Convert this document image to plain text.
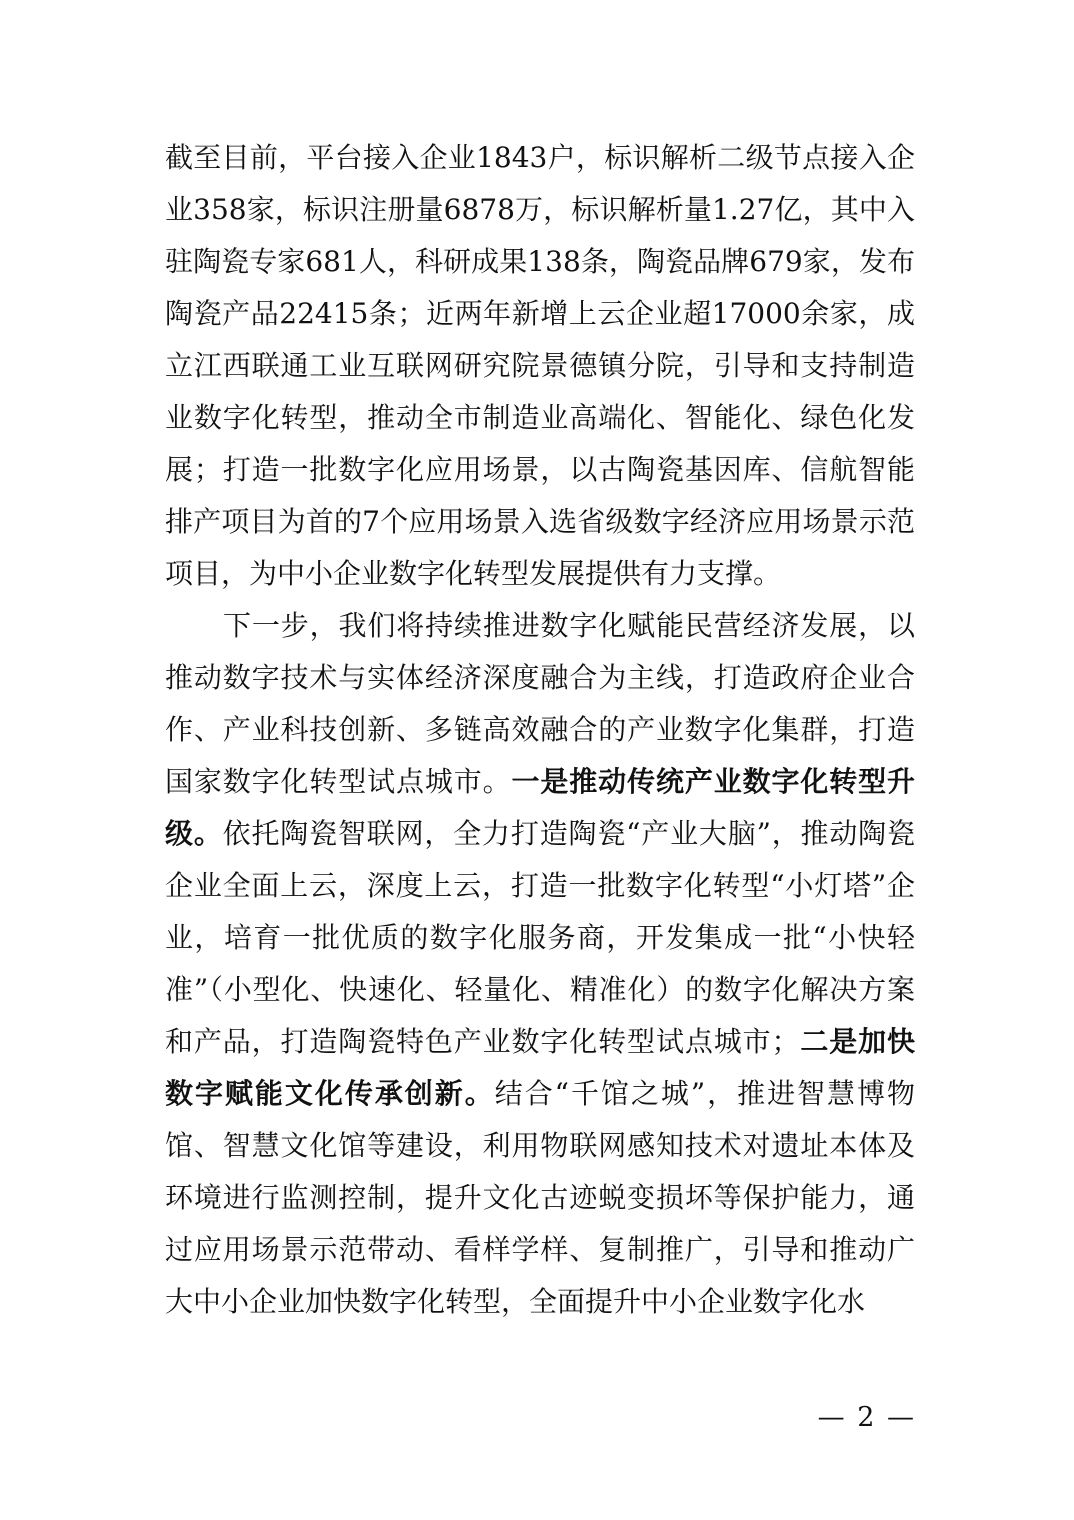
截至目前，平台接入企业1843户，标识解析二级节点接入企业358家，标识注册量6878万，标识解析量1.27亿，其中入驻陶瓷专家681人，科研成果138条，陶瓷品牌679家，发布陶瓷产品22415条；近两年新增上云企业超17000余家，成立江西联通工业互联网研究院景德镇分院，引导和支持制造业数字化转型，推动全市制造业高端化、智能化、绿色化发展；打造一批数字化应用场景，以古陶瓷基因库、信航智能排产项目为首的7个应用场景入选省级数字经济应用场景示范项目，为中小企业数字化转型发展提供有力支撑。

下一步，我们将持续推进数字化赋能民营经济发展，以推动数字技术与实体经济深度融合为主线，打造政府企业合作、产业科技创新、多链高效融合的产业数字化集群，打造国家数字化转型试点城市。一是推动传统产业数字化转型升级。依托陶瓷智联网，全力打造陶瓷“产业大脑”，推动陶瓷企业全面上云，深度上云，打造一批数字化转型“小灯塔”企业，培育一批优质的数字化服务商，开发集成一批“小快轻准”（小型化、快速化、轻量化、精准化）的数字化解决方案和产品，打造陶瓷特色产业数字化转型试点城市；二是加快数字赋能文化传承创新。结合“千馆之城”，推进智慧博物馆、智慧文化馆等建设，利用物联网感知技术对遗址本体及环境进行监测控制，提升文化古迹蜕变损坏等保护能力，通过应用场景示范带动、看样学样、复制推广，引导和推动广大中小企业加快数字化转型，全面提升中小企业数字化水

— 2 —
